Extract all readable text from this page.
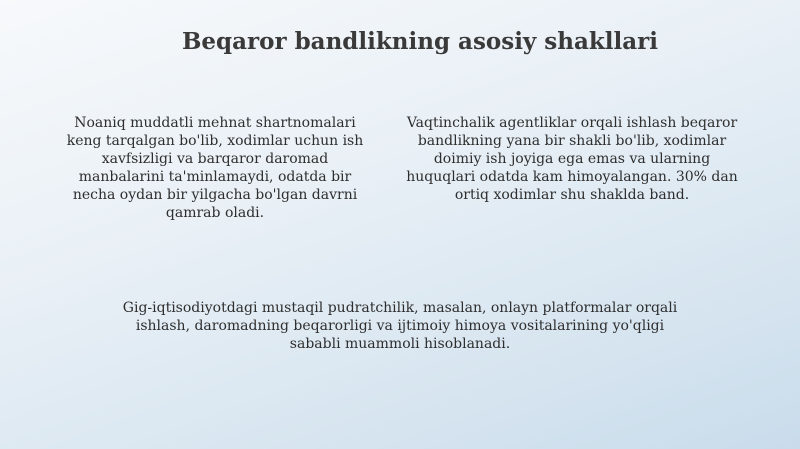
Beqaror bandlikning asosiy shakllari

Noaniq muddatli mehnat shartnomalari keng tarqalgan bo'lib, xodimlar uchun ish xavfsizligi va barqaror daromad manbalarini ta'minlamaydi, odatda bir necha oydan bir yilgacha bo'lgan davrni qamrab oladi.

Vaqtinchalik agentliklar orqali ishlash beqaror bandlikning yana bir shakli bo'lib, xodimlar doimiy ish joyiga ega emas va ularning huquqlari odatda kam himoyalangan. 30% dan ortiq xodimlar shu shaklda band.

Gig-iqtisodiyotdagi mustaqil pudratchilik, masalan, onlayn platformalar orqali ishlash, daromadning beqarorligi va ijtimoiy himoya vositalarining yo'qligi sababli muammoli hisoblanadi.
